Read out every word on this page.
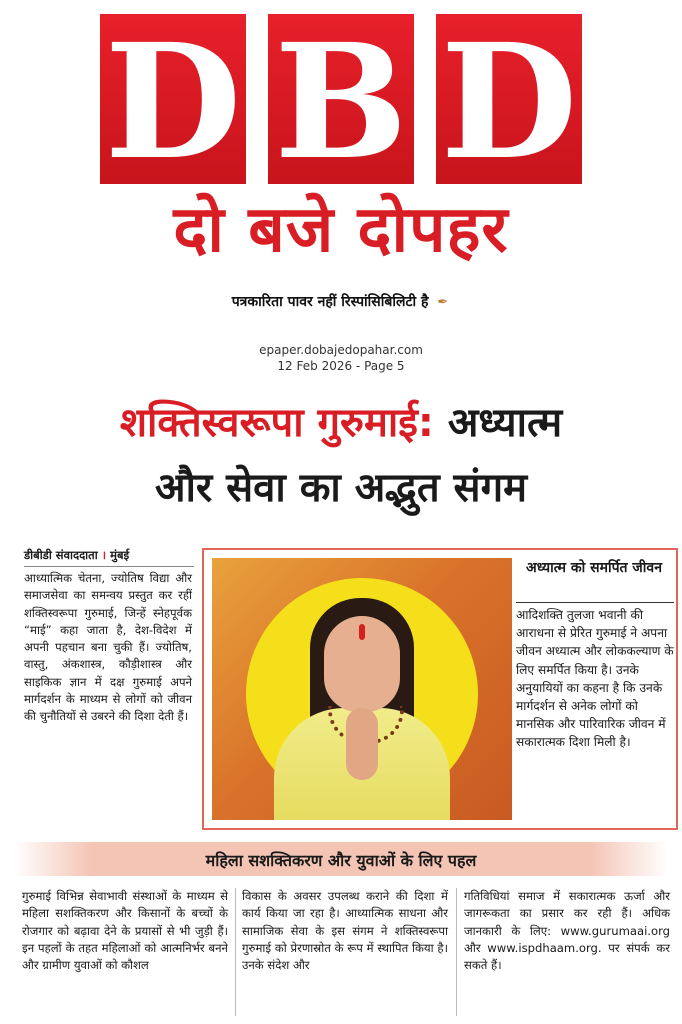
D B D
दो बजे दोपहर
पत्रकारिता पावर नहीं रिस्पांसिबिलिटी है ✒
epaper.dobajedopahar.com
12 Feb 2026 - Page 5
शक्तिस्वरूपा गुरुमाई: अध्यात्म
और सेवा का अद्भुत संगम
डीबीडी संवाददाता । मुंबई
आध्यात्मिक चेतना, ज्योतिष विद्या और समाजसेवा का समन्वय प्रस्तुत कर रहीं शक्तिस्वरूपा गुरुमाई, जिन्हें स्नेहपूर्वक “माई” कहा जाता है, देश-विदेश में अपनी पहचान बना चुकी हैं। ज्योतिष, वास्तु, अंकशास्त्र, कौड़ीशास्त्र और साइकिक ज्ञान में दक्ष गुरुमाई अपने मार्गदर्शन के माध्यम से लोगों को जीवन की चुनौतियों से उबरने की दिशा देती हैं।
अध्यात्म को समर्पित जीवन
आदिशक्ति तुलजा भवानी की आराधना से प्रेरित गुरुमाई ने अपना जीवन अध्यात्म और लोककल्याण के लिए समर्पित किया है। उनके अनुयायियों का कहना है कि उनके मार्गदर्शन से अनेक लोगों को मानसिक और पारिवारिक जीवन में सकारात्मक दिशा मिली है।
महिला सशक्तिकरण और युवाओं के लिए पहल
गुरुमाई विभिन्न सेवाभावी संस्थाओं के माध्यम से महिला सशक्तिकरण और किसानों के बच्चों के रोजगार को बढ़ावा देने के प्रयासों से भी जुड़ी हैं। इन पहलों के तहत महिलाओं को आत्मनिर्भर बनने और ग्रामीण युवाओं को कौशल
विकास के अवसर उपलब्ध कराने की दिशा में कार्य किया जा रहा है। आध्यात्मिक साधना और सामाजिक सेवा के इस संगम ने शक्तिस्वरूपा गुरुमाई को प्रेरणास्रोत के रूप में स्थापित किया है। उनके संदेश और
गतिविधियां समाज में सकारात्मक ऊर्जा और जागरूकता का प्रसार कर रही हैं। अधिक जानकारी के लिए: www.gurumaai.org और www.ispdhaam.org. पर संपर्क कर सकते हैं।
